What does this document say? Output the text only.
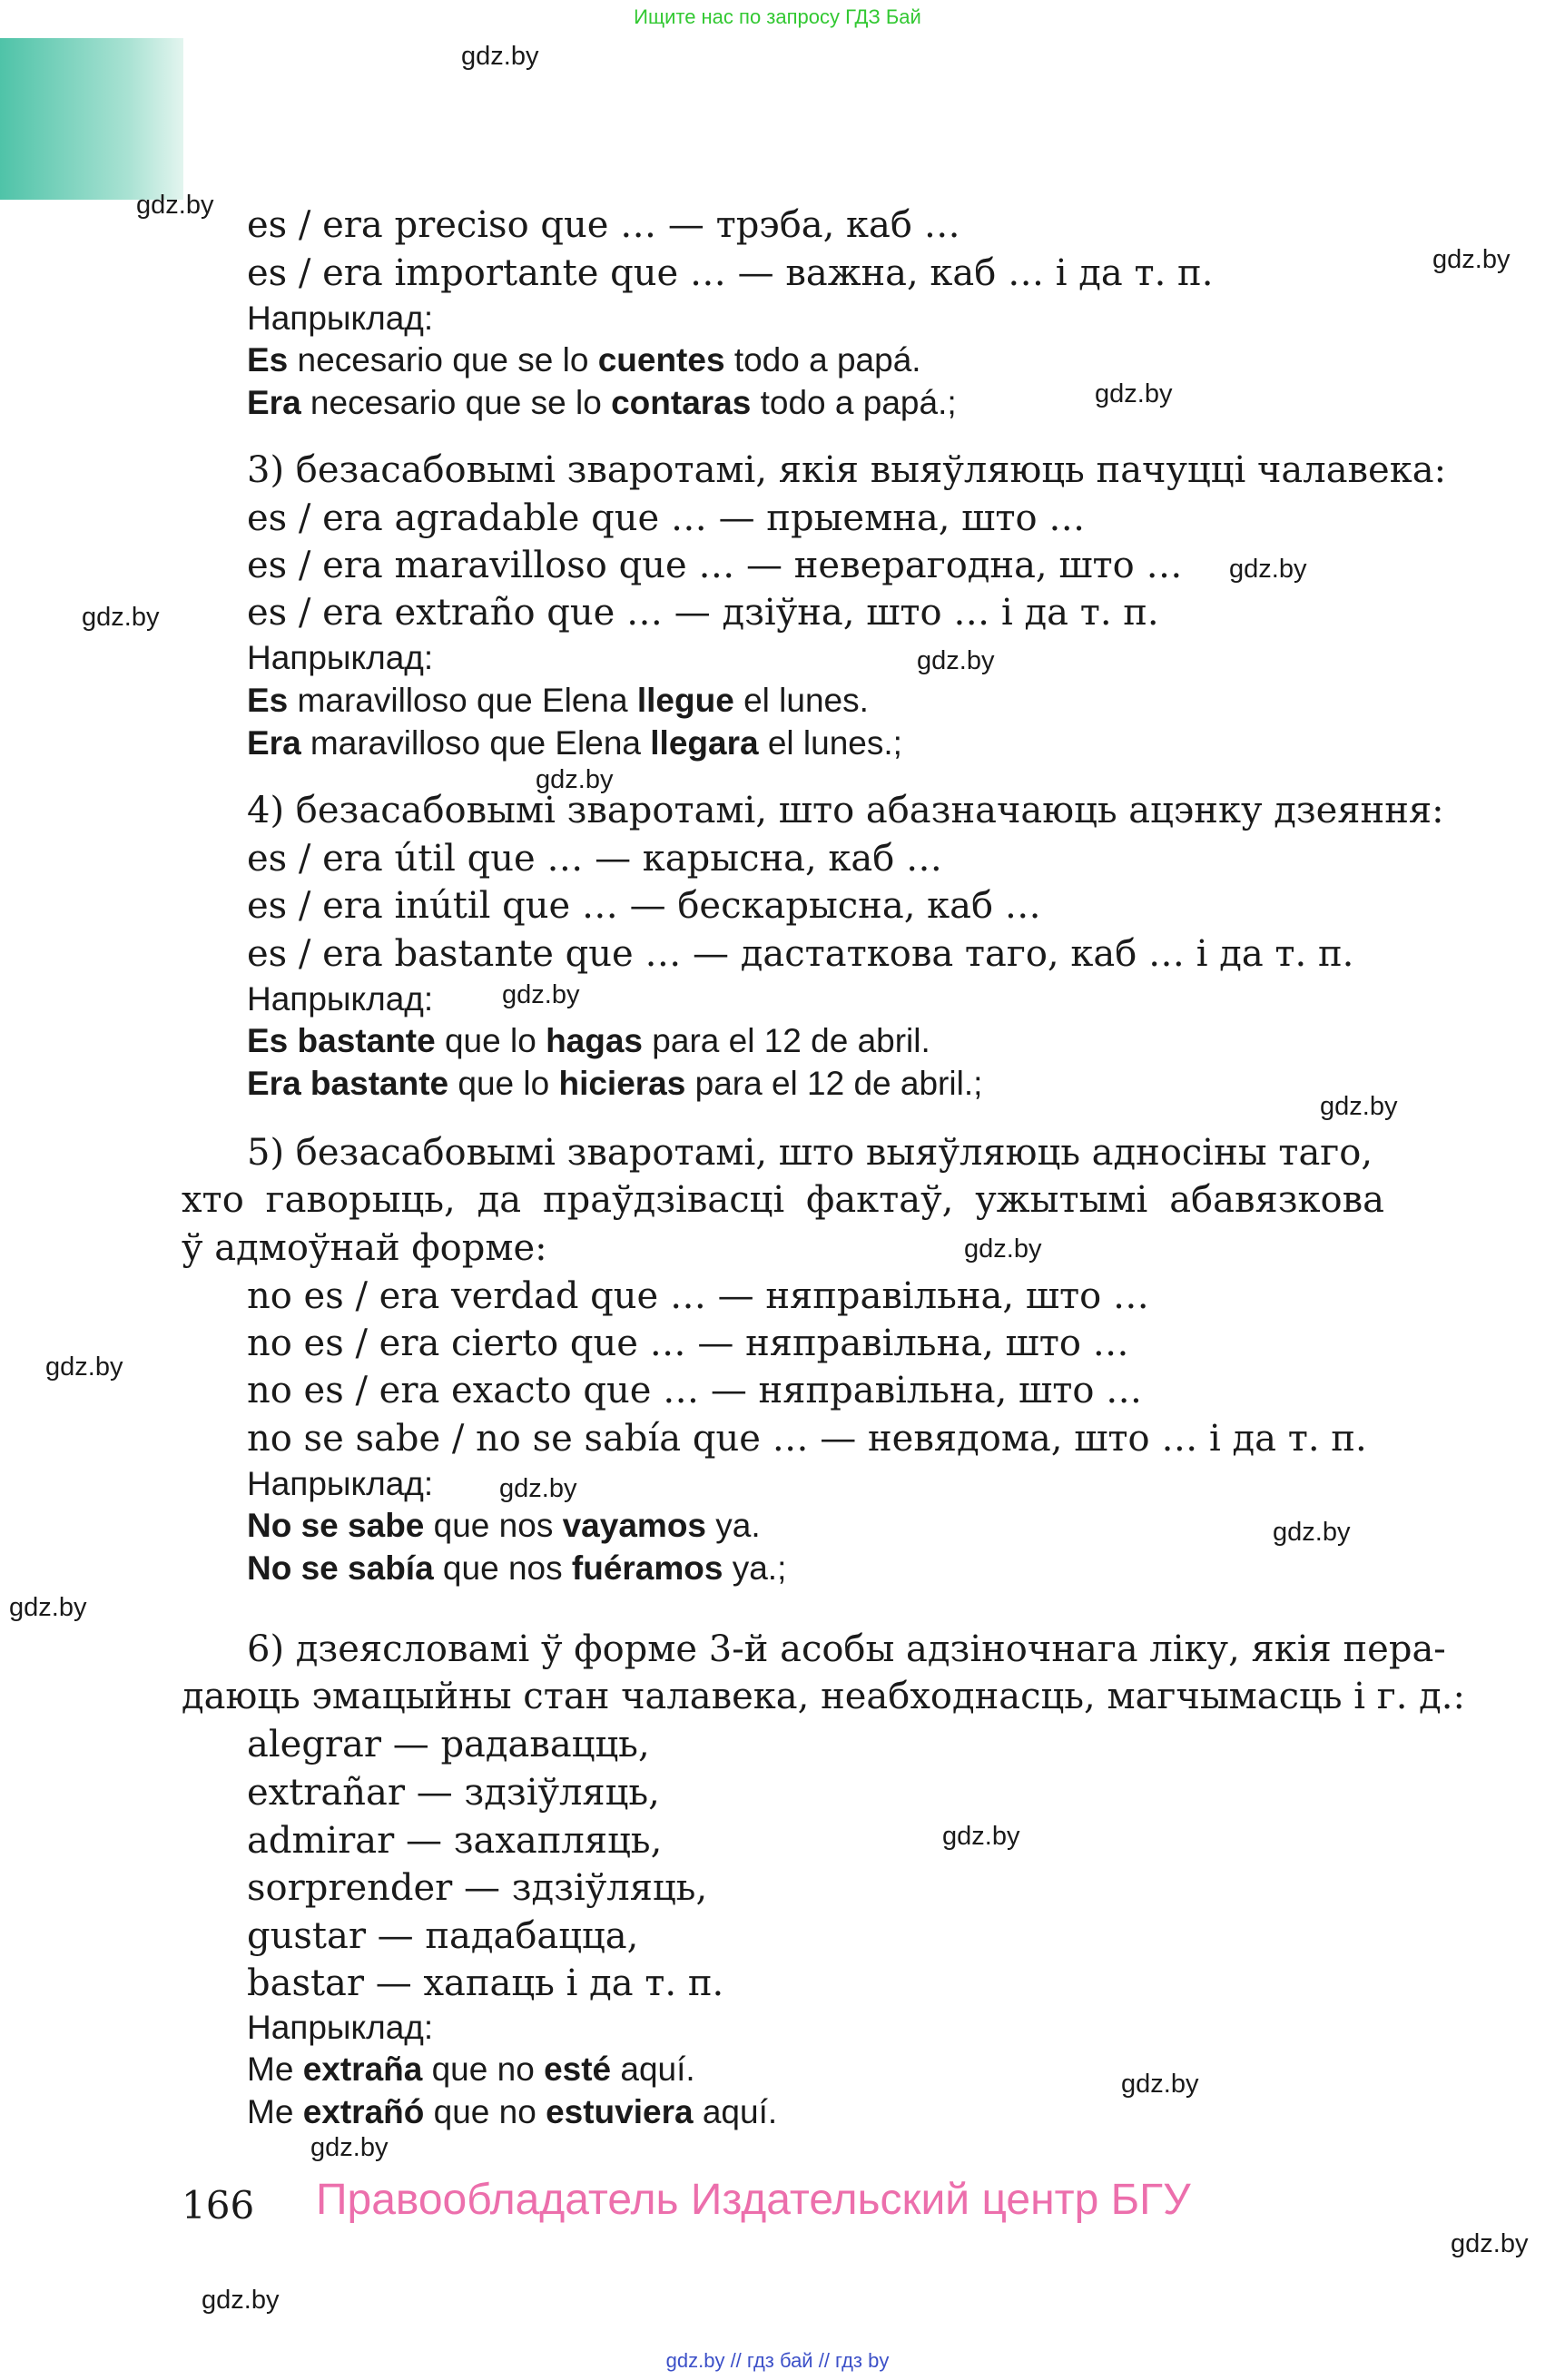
Ищите нас по запросу ГДЗ Бай
gdz.by
gdz.by
gdz.by
gdz.by
gdz.by
gdz.by
gdz.by
gdz.by
gdz.by
gdz.by
gdz.by
gdz.by
gdz.by
gdz.by
gdz.by
gdz.by
gdz.by
gdz.by
gdz.by
gdz.by
es / era preciso que … — трэба, каб …
es / era importante que … — важна, каб … і да т. п.
Напрыклад:
Es necesario que se lo cuentes todo a papá.
Era necesario que se lo contaras todo a papá.;
3) безасабовымі зваротамі, якія выяўляюць пачуцці чалавека:
es / era agradable que … — прыемна, што …
es / era maravilloso que … — неверагодна, што …
es / era extraño que … — дзіўна, што … і да т. п.
Напрыклад:
Es maravilloso que Elena llegue el lunes.
Era maravilloso que Elena llegara el lunes.;
4) безасабовымі зваротамі, што абазначаюць ацэнку дзеяння:
es / era útil que … — карысна, каб …
es / era inútil que … — бескарысна, каб …
es / era bastante que … — дастаткова таго, каб … і да т. п.
Напрыклад:
Es bastante que lo hagas para el 12 de abril.
Era bastante que lo hicieras para el 12 de abril.;
5) безасабовымі зваротамі, што выяўляюць адносіны таго,
хто гаворыць, да праўдзівасці фактаў, ужытымі абавязкова
ў адмоўнай форме:
no es / era verdad que … — няправільна, што …
no es / era cierto que … — няправільна, што …
no es / era exacto que … — няправільна, што …
no se sabe / no se sabía que … — невядома, што … і да т. п.
Напрыклад:
No se sabe que nos vayamos ya.
No se sabía que nos fuéramos ya.;
6) дзеясловамі ў форме 3-й асобы адзіночнага ліку, якія пера-
даюць эмацыйны стан чалавека, неабходнасць, магчымасць і г. д.:
alegrar — радавацць,
extrañar — здзіўляць,
admirar — захапляць,
sorprender — здзіўляць,
gustar — падабацца,
bastar — хапаць і да т. п.
Напрыклад:
Me extraña que no esté aquí.
Me extrañó que no estuviera aquí.
166 Правообладатель Издательский центр БГУ
gdz.by // гдз бай // гдз by
